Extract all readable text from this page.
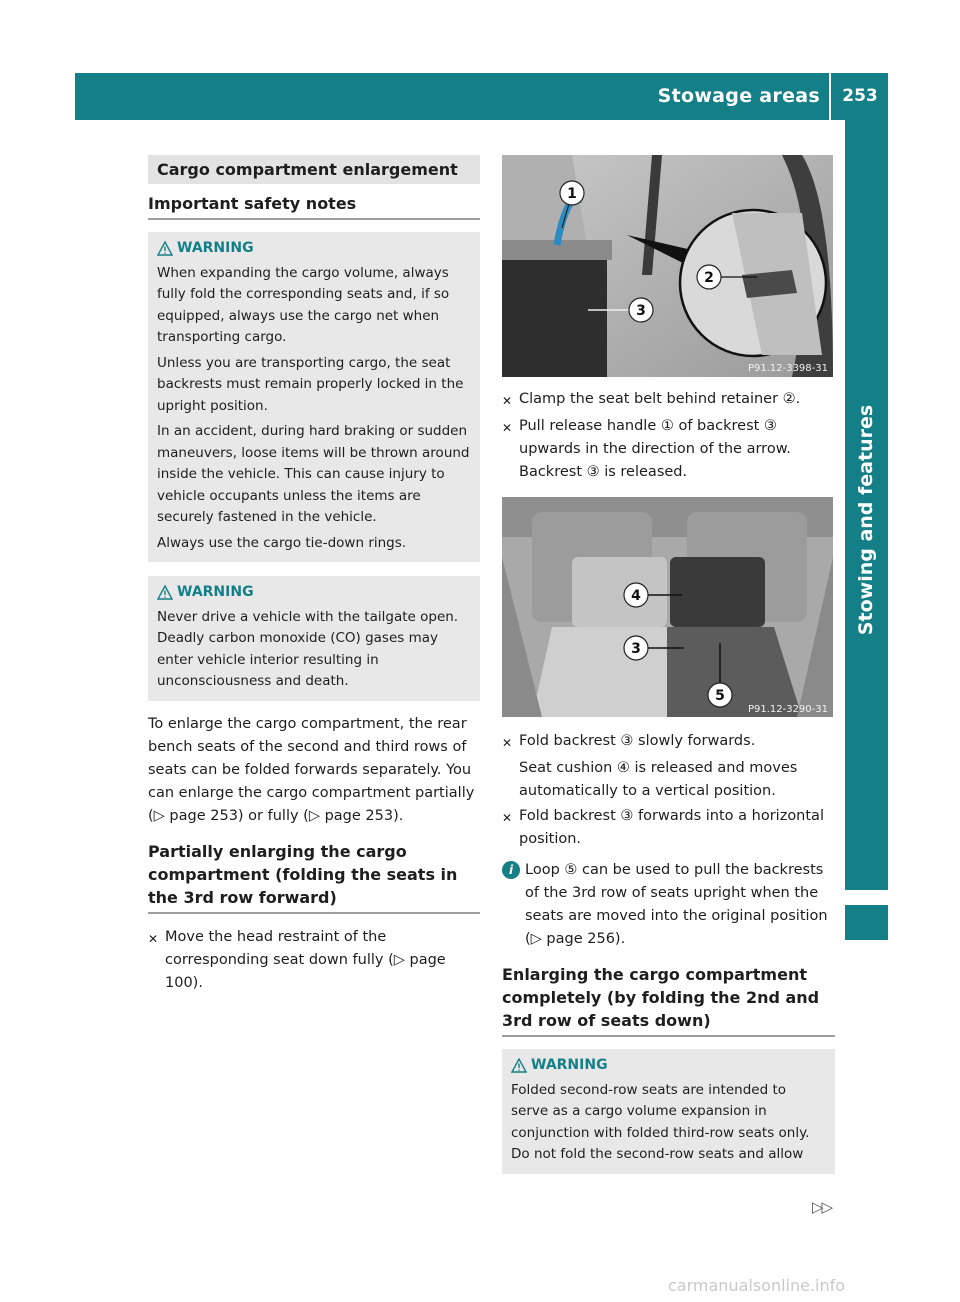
Stowage areas	253
Stowing and features
Cargo compartment enlargement
Important safety notes
WARNING

When expanding the cargo volume, always fully fold the corresponding seats and, if so equipped, always use the cargo net when transporting cargo.

Unless you are transporting cargo, the seat backrests must remain properly locked in the upright position.

In an accident, during hard braking or sudden maneuvers, loose items will be thrown around inside the vehicle. This can cause injury to vehicle occupants unless the items are securely fastened in the vehicle.

Always use the cargo tie-down rings.

WARNING

Never drive a vehicle with the tailgate open. Deadly carbon monoxide (CO) gases may enter vehicle interior resulting in unconsciousness and death.

To enlarge the cargo compartment, the rear bench seats of the second and third rows of seats can be folded forwards separately. You can enlarge the cargo compartment partially (▷ page 253) or fully (▷ page 253).

Partially enlarging the cargo compartment (folding the seats in the 3rd row forward)
✕ Move the head restraint of the corresponding seat down fully (▷ page 100).
1
3
2
P91.12-3398-31
✕ Clamp the seat belt behind retainer ②.
✕ Pull release handle ① of backrest ③ upwards in the direction of the arrow. Backrest ③ is released.
4
3
5
P91.12-3290-31
✕ Fold backrest ③ slowly forwards.

Seat cushion ④ is released and moves automatically to a vertical position.

✕ Fold backrest ③ forwards into a horizontal position.
i Loop ⑤ can be used to pull the backrests of the 3rd row of seats upright when the seats are moved into the original position (▷ page 256).
Enlarging the cargo compartment completely (by folding the 2nd and 3rd row of seats down)
WARNING

Folded second-row seats are intended to serve as a cargo volume expansion in conjunction with folded third-row seats only. Do not fold the second-row seats and allow

▷▷
carmanualsonline.info
